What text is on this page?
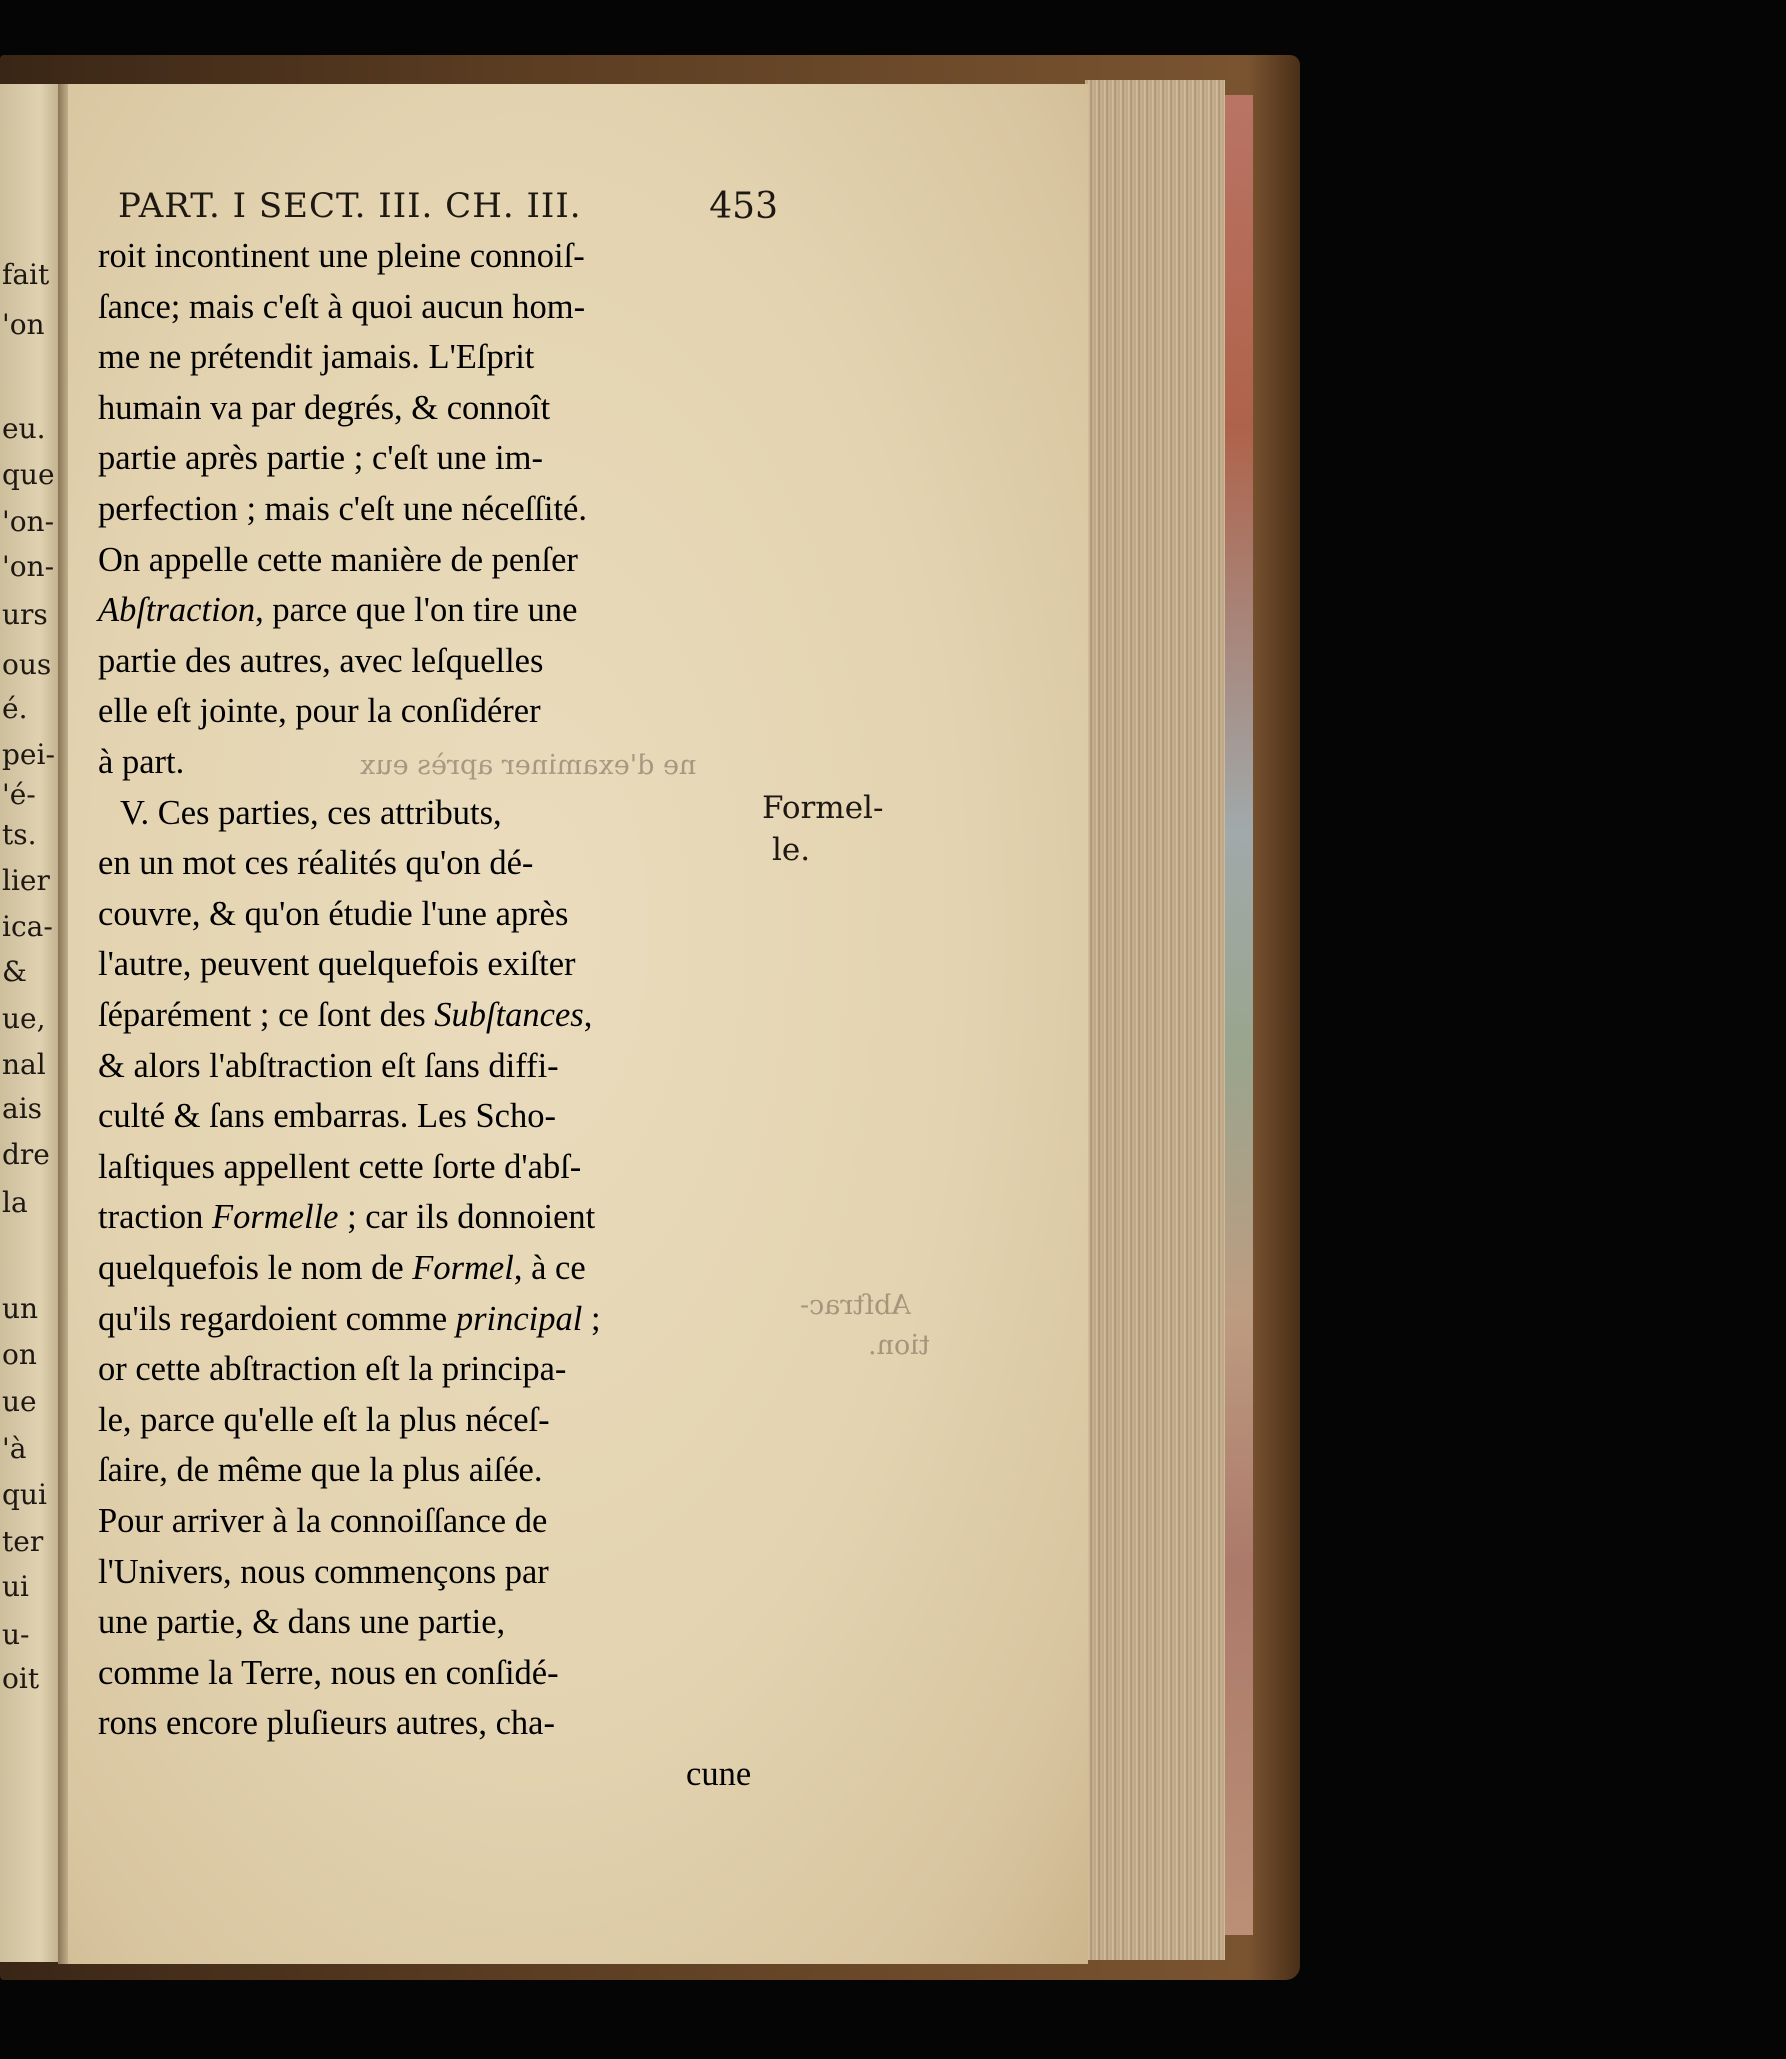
fait
'on
eu.
que
'on-
'on-
urs
ous
é.
pei-
'é-
ts.
lier
ica-
&
ue,
nal
ais
dre
la
un
on
ue
'à
qui
ter
ui
u-
oit
PART. I SECT. III. CH. III.	453
roit incontinent une pleine connoiſ-
ſance; mais c'eſt à quoi aucun hom-
me ne prétendit jamais. L'Eſprit
humain va par degrés, & connoît
partie après partie ; c'eſt une im-
perfection ; mais c'eſt une néceſſité.
On appelle cette manière de penſer
Abſtraction, parce que l'on tire une
partie des autres, avec leſquelles
elle eſt jointe, pour la conſidérer
à part.
V. Ces parties, ces attributs,
en un mot ces réalités qu'on dé-
couvre, & qu'on étudie l'une après
l'autre, peuvent quelquefois exiſter
ſéparément ; ce ſont des Subſtances,
& alors l'abſtraction eſt ſans diffi-
culté & ſans embarras. Les Scho-
laſtiques appellent cette ſorte d'abſ-
traction Formelle ; car ils donnoient
quelquefois le nom de Formel, à ce
qu'ils regardoient comme principal ;
or cette abſtraction eſt la principa-
le, parce qu'elle eſt la plus néceſ-
ſaire, de même que la plus aiſée.
Pour arriver à la connoiſſance de
l'Univers, nous commençons par
une partie, & dans une partie,
comme la Terre, nous en conſidé-
rons encore pluſieurs autres, cha-
cune
Formel-
le.
Abſtrac-
tion.
ne d'examiner après eux
